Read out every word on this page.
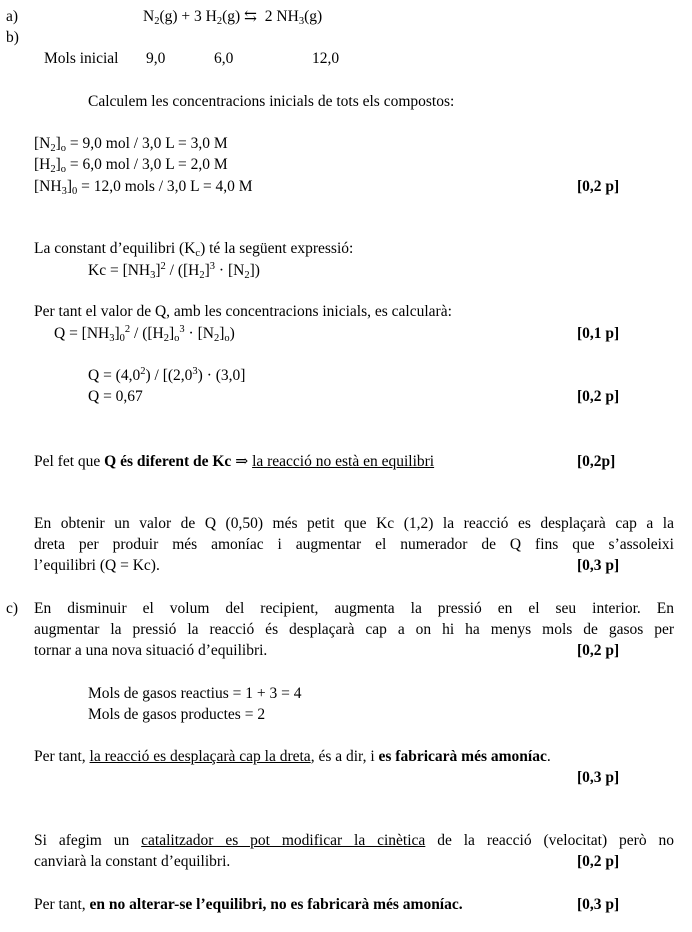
a)	$N_2(g) + 3$ $H_2(g)$ ⇆ 2 $NH_3(g)$
b)
Mols inicial 9,0	6,0	12,0
Calculem les concentracions inicials de tots els compostos:
$[N_2]_o = 9,0$ mol / 3,0 L = 3,0 M
$[H_2]_o = 6,0$ mol / 3,0 L = 2,0 M
$[NH_3]_0 = 12,0$ mols / 3,0 L = 4,0 M	[0,2 p]
La constant d’equilibri $(K_c)$ té la següent expressió:
$Kc = [NH_3]^2 / ([H_2]^3 \cdot [N_2])$
Per tant el valor de Q, amb les concentracions inicials, es calcularà:
$Q = [NH_3]_0^2 / ([H_2]_o^3 \cdot [N_2]_o)$	[0,1 p]
$Q = (4,0^2) / [(2,0^3) \cdot (3,0]$
Q = 0,67	[0,2 p]
Pel fet que Q és diferent de Kc ⇒ la reacció no està en equilibri	[0,2p]
En obtenir un valor de Q (0,50) més petit que Kc (1,2) la reacció es desplaçarà cap a la
dreta per produir més amoníac i augmentar el numerador de Q fins que s’assoleixi
l’equilibri (Q = Kc).	[0,3 p]
c) En disminuir el volum del recipient, augmenta la pressió en el seu interior. En
augmentar la pressió la reacció és desplaçarà cap a on hi ha menys mols de gasos per
tornar a una nova situació d’equilibri.	[0,2 p]
Mols de gasos reactius = 1 + 3 = 4
Mols de gasos productes = 2
Per tant, la reacció es desplaçarà cap la dreta, és a dir, i es fabricarà més amoníac.
[0,3 p]
Si afegim un catalitzador es pot modificar la cinètica de la reacció (velocitat) però no
canviarà la constant d’equilibri.	[0,2 p]
Per tant, en no alterar-se l’equilibri, no es fabricarà més amoníac.	[0,3 p]
